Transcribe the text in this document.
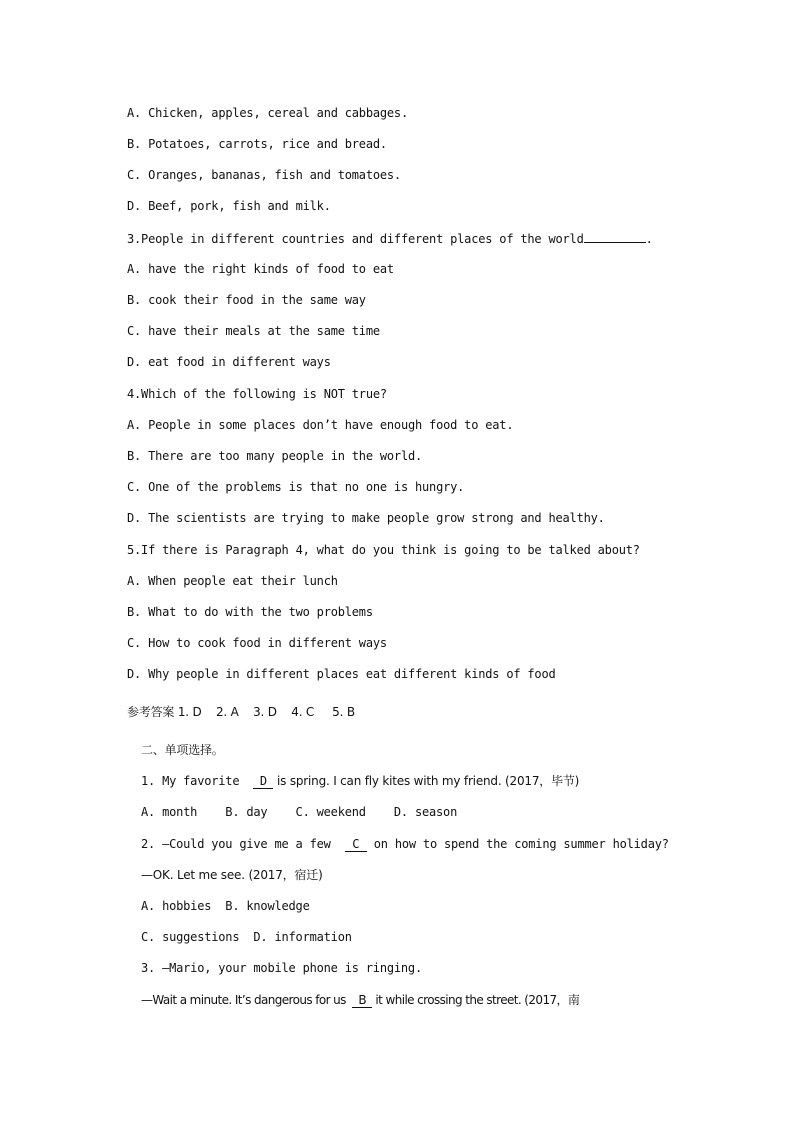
A. Chicken, apples, cereal and cabbages.
B. Potatoes, carrots, rice and bread.
C. Oranges, bananas, fish and tomatoes.
D. Beef, pork, fish and milk.
3.People in different countries and different places of the world	.
A. have the right kinds of food to eat
B. cook their food in the same way
C. have their meals at the same time
D. eat food in different ways
4.Which of the following is NOT true?
A. People in some places don’t have enough food to eat.
B. There are too many people in the world.
C. One of the problems is that no one is hungry.
D. The scientists are trying to make people grow strong and healthy.
5.If there is Paragraph 4, what do you think is going to be talked about?
A. When people eat their lunch
B. What to do with the two problems
C. How to cook food in different ways
D. Why people in different places eat different kinds of food
参考答案 1. D    2. A    3. D    4. C     5. B
二、单项选择。
1. My favorite  D is spring. I can fly kites with my friend. (2017，毕节)
A. month    B. day    C. weekend    D. season
2. —Could you give me a few  C on how to spend the coming summer holiday?
—OK. Let me see. (2017，宿迁)
A. hobbies  B. knowledge
C. suggestions  D. information
3. —Mario, your mobile phone is ringing.
—Wait a minute. It’s dangerous for us  B it while crossing the street. (2017，南
